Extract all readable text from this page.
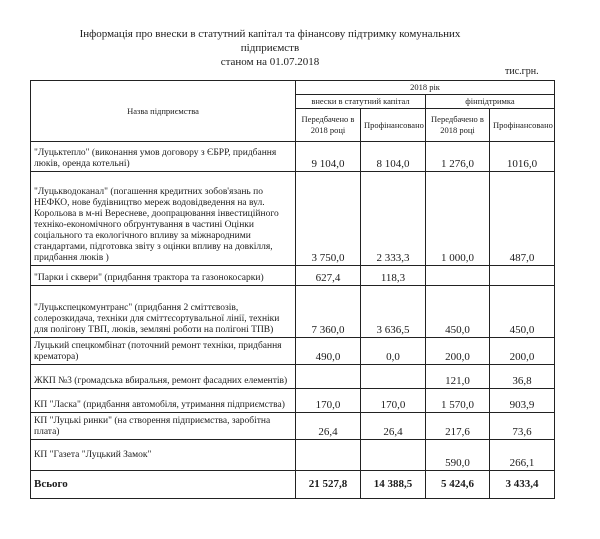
Інформація про внески в статутний капітал та фінансову підтримку комунальних підприємств
станом на 01.07.2018
тис.грн.
Назва підприємства	2018 рік			
	внески в статутний капітал		фінпідтримка	
	Передбачено в 2018 році	Профінансовано	Передбачено в 2018 році	Профінансовано
"Луцьктепло" (виконання умов договору з ЄБРР, придбання люків, оренда котельні)	9 104,0	8 104,0	1 276,0	1016,0
"Луцькводоканал" (погашення кредитних зобов'язань по НЕФКО, нове будівництво мереж водовідведення на вул. Корольова в м-ні Вересневе, доопрацювання інвестиційного техніко-економічного обґрунтування в частині Оцінки соціального та екологічного впливу за міжнародними стандартами, підготовка звіту з оцінки впливу на довкілля, придбання люків )	3 750,0	2 333,3	1 000,0	487,0
"Парки і сквери" (придбання трактора та газонокосарки)	627,4	118,3		
"Луцькспецкомунтранс" (придбання 2 сміттєвозів, солерозкидача, техніки для сміттєсортувальної лінії, техніки для полігону ТВП, люків, земляні роботи на полігоні ТПВ)	7 360,0	3 636,5	450,0	450,0
Луцький спецкомбінат (поточний ремонт техніки, придбання крематора)	490,0	0,0	200,0	200,0
ЖКП №3 (громадська вбиральня, ремонт фасадних елементів)			121,0	36,8
КП "Ласка" (придбання автомобіля, утримання підприємства)	170,0	170,0	1 570,0	903,9
КП "Луцькі ринки" (на створення підприємства, заробітна плата)	26,4	26,4	217,6	73,6
КП "Газета "Луцький Замок"			590,0	266,1
Всього	21 527,8	14 388,5	5 424,6	3 433,4
